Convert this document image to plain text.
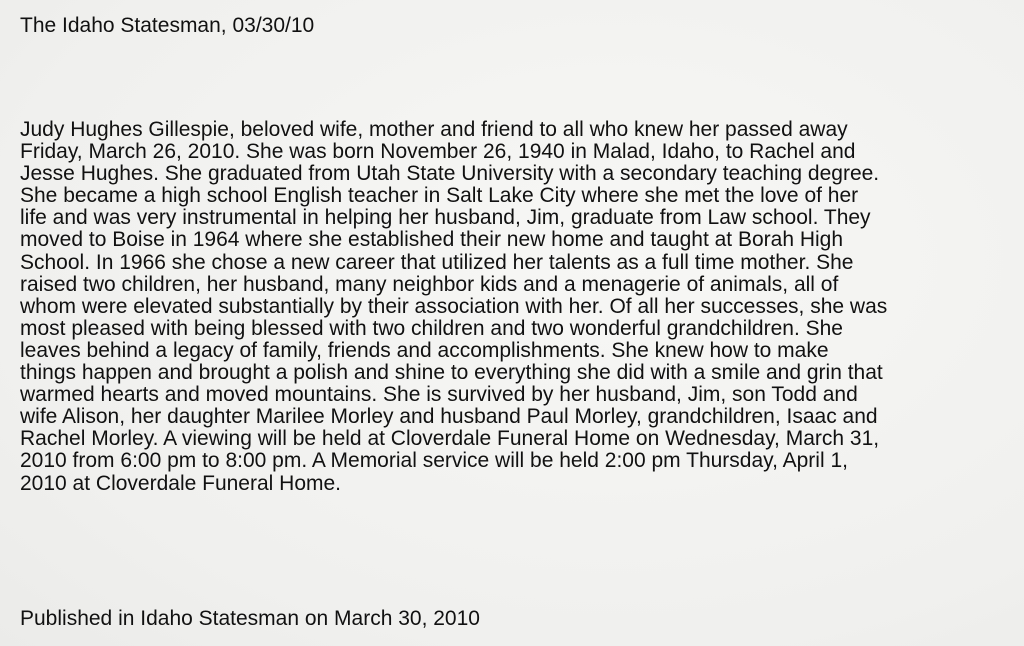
The Idaho Statesman, 03/30/10
Judy Hughes Gillespie, beloved wife, mother and friend to all who knew her passed away
Friday, March 26, 2010. She was born November 26, 1940 in Malad, Idaho, to Rachel and
Jesse Hughes. She graduated from Utah State University with a secondary teaching degree.
She became a high school English teacher in Salt Lake City where she met the love of her
life and was very instrumental in helping her husband, Jim, graduate from Law school. They
moved to Boise in 1964 where she established their new home and taught at Borah High
School. In 1966 she chose a new career that utilized her talents as a full time mother. She
raised two children, her husband, many neighbor kids and a menagerie of animals, all of
whom were elevated substantially by their association with her. Of all her successes, she was
most pleased with being blessed with two children and two wonderful grandchildren. She
leaves behind a legacy of family, friends and accomplishments. She knew how to make
things happen and brought a polish and shine to everything she did with a smile and grin that
warmed hearts and moved mountains. She is survived by her husband, Jim, son Todd and
wife Alison, her daughter Marilee Morley and husband Paul Morley, grandchildren, Isaac and
Rachel Morley. A viewing will be held at Cloverdale Funeral Home on Wednesday, March 31,
2010 from 6:00 pm to 8:00 pm. A Memorial service will be held 2:00 pm Thursday, April 1,
2010 at Cloverdale Funeral Home.

Published in Idaho Statesman on March 30, 2010
